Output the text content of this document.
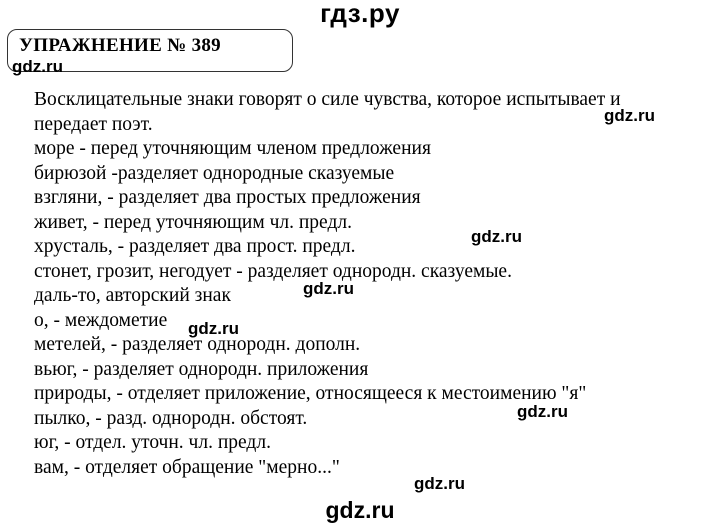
гдз.ру
УПРАЖНЕНИЕ № 389
gdz.ru
gdz.ru
gdz.ru
gdz.ru
gdz.ru
gdz.ru
gdz.ru
Восклицательные знаки говорят о силе чувства, которое испытывает и
передает поэт.
море - перед уточняющим членом предложения
бирюзой -разделяет однородные сказуемые
взгляни, - разделяет два простых предложения
живет, - перед уточняющим чл. предл.
хрусталь, - разделяет два прост. предл.
стонет, грозит, негодует - разделяет однородн. сказуемые.
даль-то, авторский знак
о, - междометие
метелей, - разделяет однородн. дополн.
вьюг, - разделяет однородн. приложения
природы, - отделяет приложение, относящееся к местоимению "я"
пылко, - разд. однородн. обстоят.
юг, - отдел. уточн. чл. предл.
вам, - отделяет обращение "мерно..."
gdz.ru
